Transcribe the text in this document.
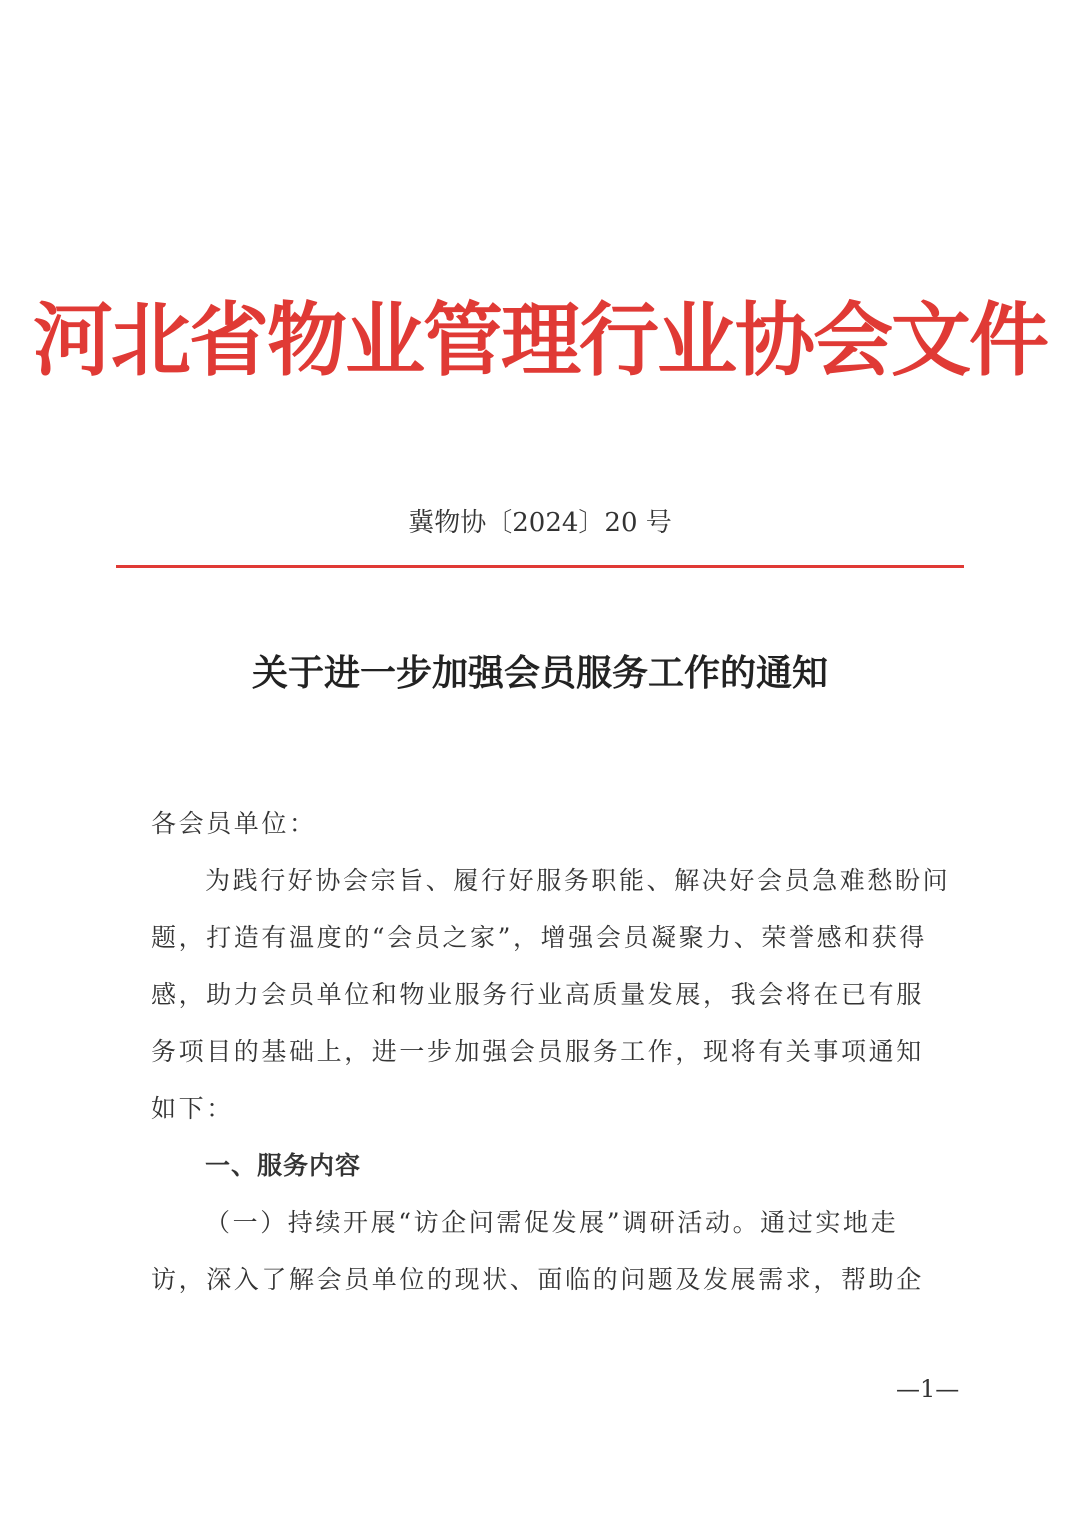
河北省物业管理行业协会文件
冀物协〔2024〕20 号
关于进一步加强会员服务工作的通知

各会员单位：

为践行好协会宗旨、履行好服务职能、解决好会员急难愁盼问题，打造有温度的“会员之家”，增强会员凝聚力、荣誉感和获得感，助力会员单位和物业服务行业高质量发展，我会将在已有服务项目的基础上，进一步加强会员服务工作，现将有关事项通知如下：

一、服务内容

（一）持续开展“访企问需促发展”调研活动。通过实地走访，深入了解会员单位的现状、面临的问题及发展需求，帮助企

—1—
